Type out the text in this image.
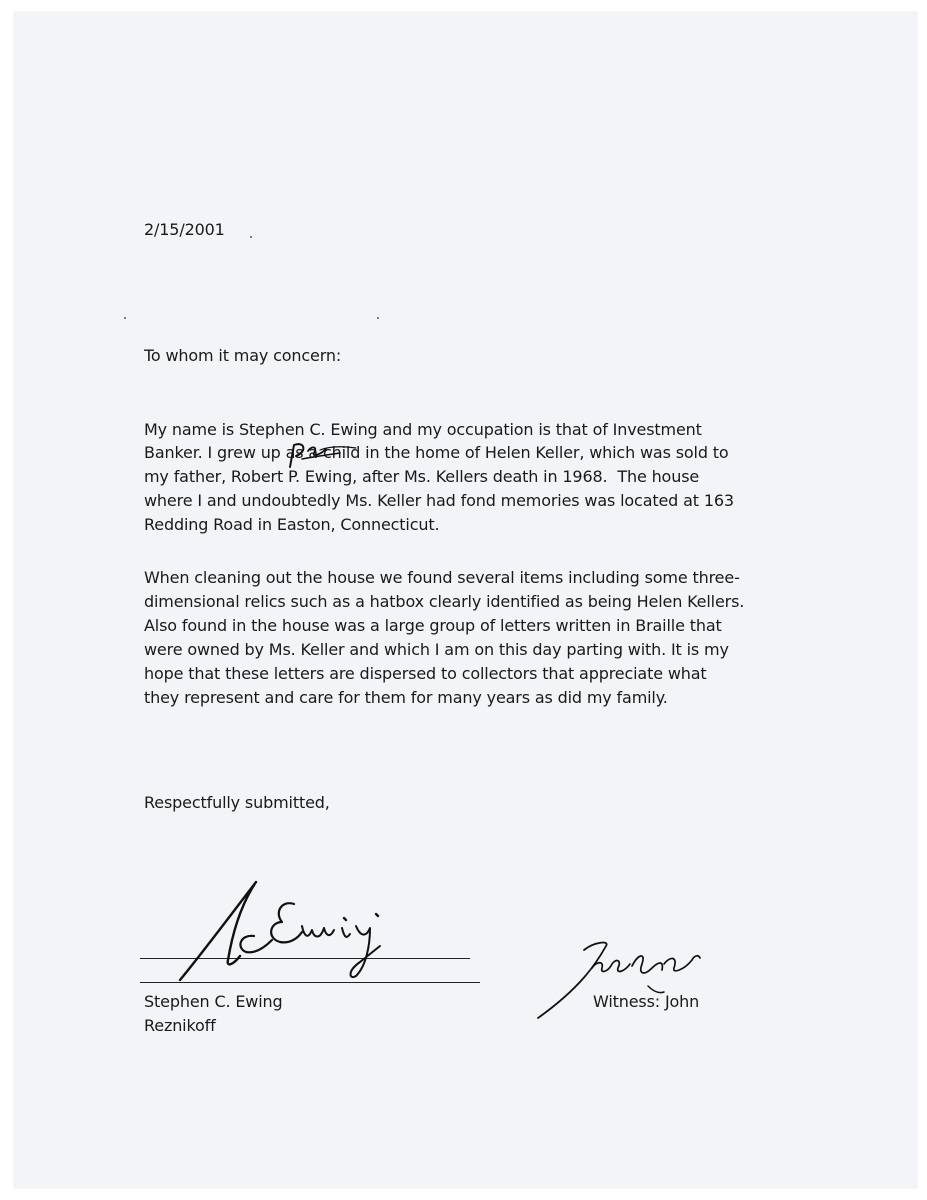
2/15/2001
To whom it may concern:
My name is Stephen C. Ewing and my occupation is that of Investment
Banker. I grew up as a child in the home of Helen Keller, which was sold to
my father, Robert P. Ewing, after Ms. Kellers death in 1968.  The house
where I and undoubtedly Ms. Keller had fond memories was located at 163
Redding Road in Easton, Connecticut.
When cleaning out the house we found several items including some three-
dimensional relics such as a hatbox clearly identified as being Helen Kellers.
Also found in the house was a large group of letters written in Braille that
were owned by Ms. Keller and which I am on this day parting with. It is my
hope that these letters are dispersed to collectors that appreciate what
they represent and care for them for many years as did my family.
Respectfully submitted,
Stephen C. Ewing
Reznikoff
Witness: John
